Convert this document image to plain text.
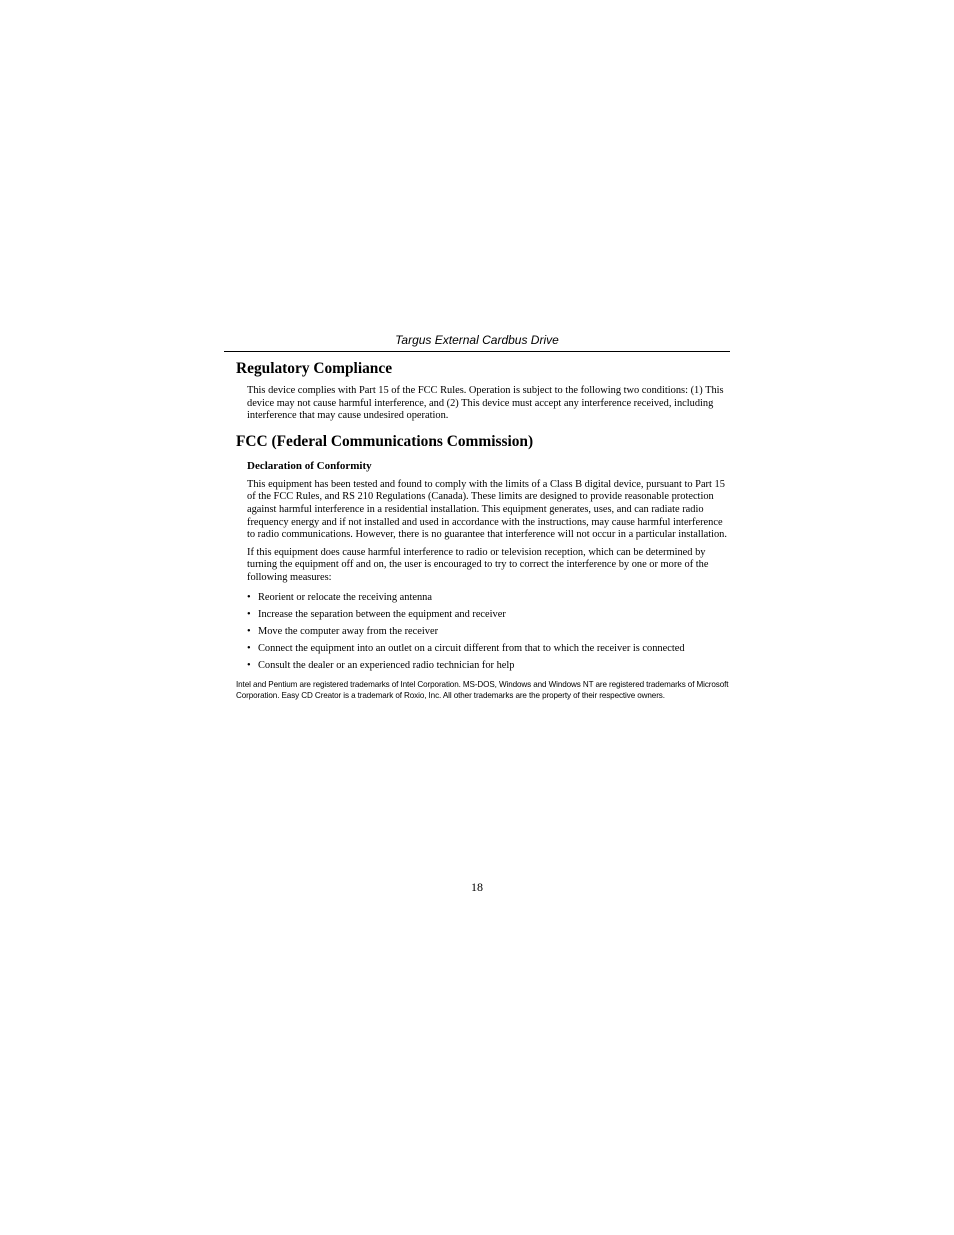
Targus External Cardbus Drive
Regulatory Compliance

This device complies with Part 15 of the FCC Rules. Operation is subject to the following two conditions: (1) This device may not cause harmful interference, and (2) This device must accept any interference received, including interference that may cause undesired operation.

FCC (Federal Communications Commission)
Declaration of Conformity

This equipment has been tested and found to comply with the limits of a Class B digital device, pursuant to Part 15 of the FCC Rules, and RS 210 Regulations (Canada). These limits are designed to provide reasonable protection against harmful interference in a residential installation. This equipment generates, uses, and can radiate radio frequency energy and if not installed and used in accordance with the instructions, may cause harmful interference to radio communications. However, there is no guarantee that interference will not occur in a particular installation.

If this equipment does cause harmful interference to radio or television reception, which can be determined by turning the equipment off and on, the user is encouraged to try to correct the interference by one or more of the following measures:

• Reorient or relocate the receiving antenna
• Increase the separation between the equipment and receiver
• Move the computer away from the receiver
• Connect the equipment into an outlet on a circuit different from that to which the receiver is connected
• Consult the dealer or an experienced radio technician for help

Intel and Pentium are registered trademarks of Intel Corporation. MS-DOS, Windows and Windows NT are registered trademarks of Microsoft Corporation. Easy CD Creator is a trademark of Roxio, Inc. All other trademarks are the property of their respective owners.

18
